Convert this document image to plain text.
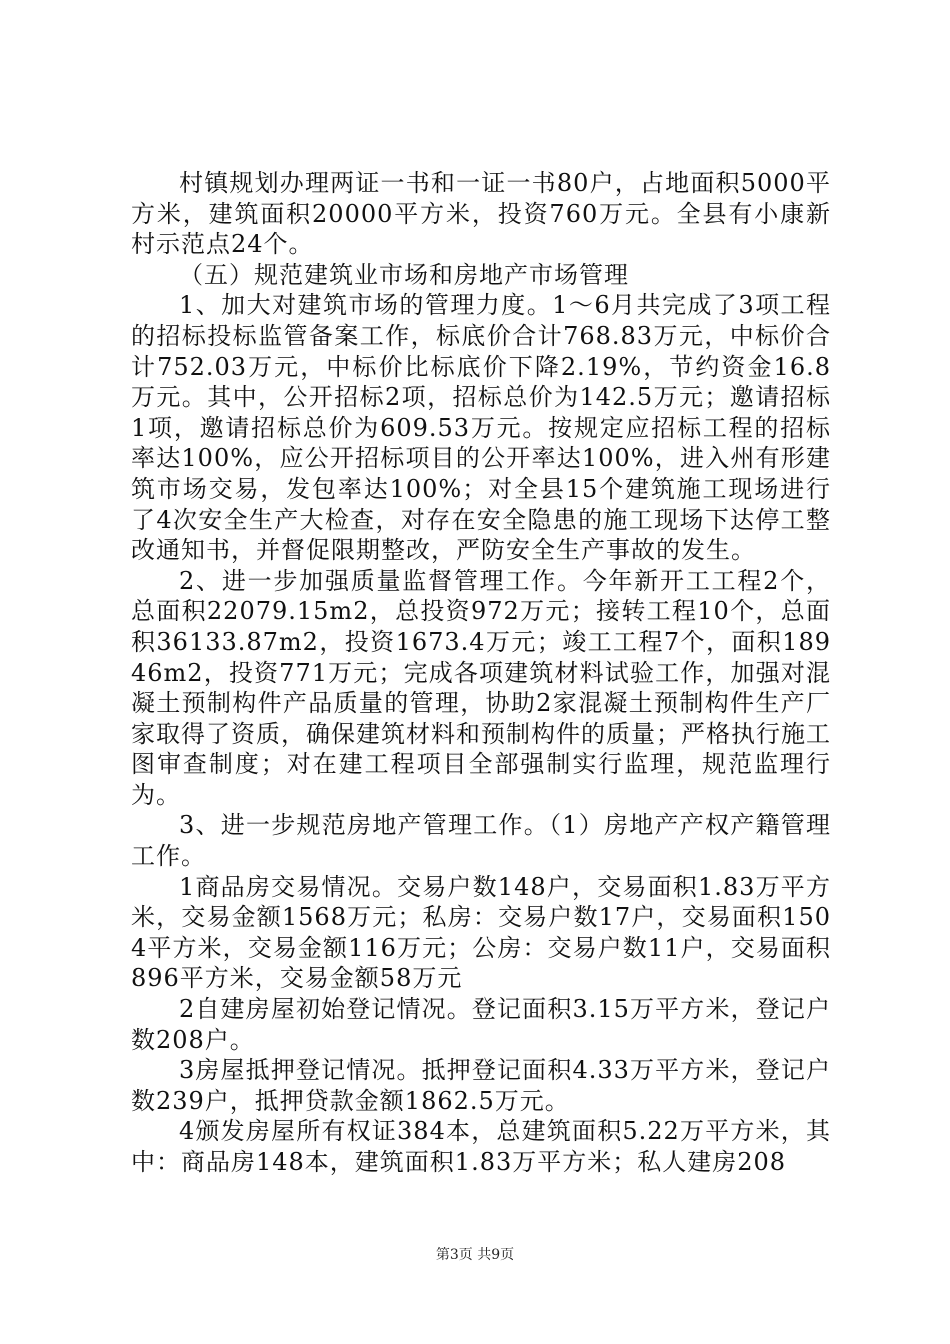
村镇规划办理两证一书和一证一书80户，占地面积5000平方米，建筑面积20000平方米，投资760万元。全县有小康新村示范点24个。

（五）规范建筑业市场和房地产市场管理

1、加大对建筑市场的管理力度。1～6月共完成了3项工程的招标投标监管备案工作，标底价合计768.83万元，中标价合计752.03万元，中标价比标底价下降2.19%，节约资金16.8万元。其中，公开招标2项，招标总价为142.5万元；邀请招标1项，邀请招标总价为609.53万元。按规定应招标工程的招标率达100%，应公开招标项目的公开率达100%，进入州有形建筑市场交易，发包率达100%；对全县15个建筑施工现场进行了4次安全生产大检查，对存在安全隐患的施工现场下达停工整改通知书，并督促限期整改，严防安全生产事故的发生。

2、进一步加强质量监督管理工作。今年新开工工程2个，总面积22079.15m2，总投资972万元；接转工程10个，总面积36133.87m2，投资1673.4万元；竣工工程7个，面积18946m2，投资771万元；完成各项建筑材料试验工作，加强对混凝土预制构件产品质量的管理，协助2家混凝土预制构件生产厂家取得了资质，确保建筑材料和预制构件的质量；严格执行施工图审查制度；对在建工程项目全部强制实行监理，规范监理行为。

3、进一步规范房地产管理工作。（1）房地产产权产籍管理工作。

1商品房交易情况。交易户数148户，交易面积1.83万平方米，交易金额1568万元；私房：交易户数17户，交易面积1504平方米，交易金额116万元；公房：交易户数11户，交易面积896平方米，交易金额58万元

2自建房屋初始登记情况。登记面积3.15万平方米，登记户数208户。

3房屋抵押登记情况。抵押登记面积4.33万平方米，登记户数239户，抵押贷款金额1862.5万元。

4颁发房屋所有权证384本，总建筑面积5.22万平方米，其中：商品房148本，建筑面积1.83万平方米；私人建房208

第3页 共9页
